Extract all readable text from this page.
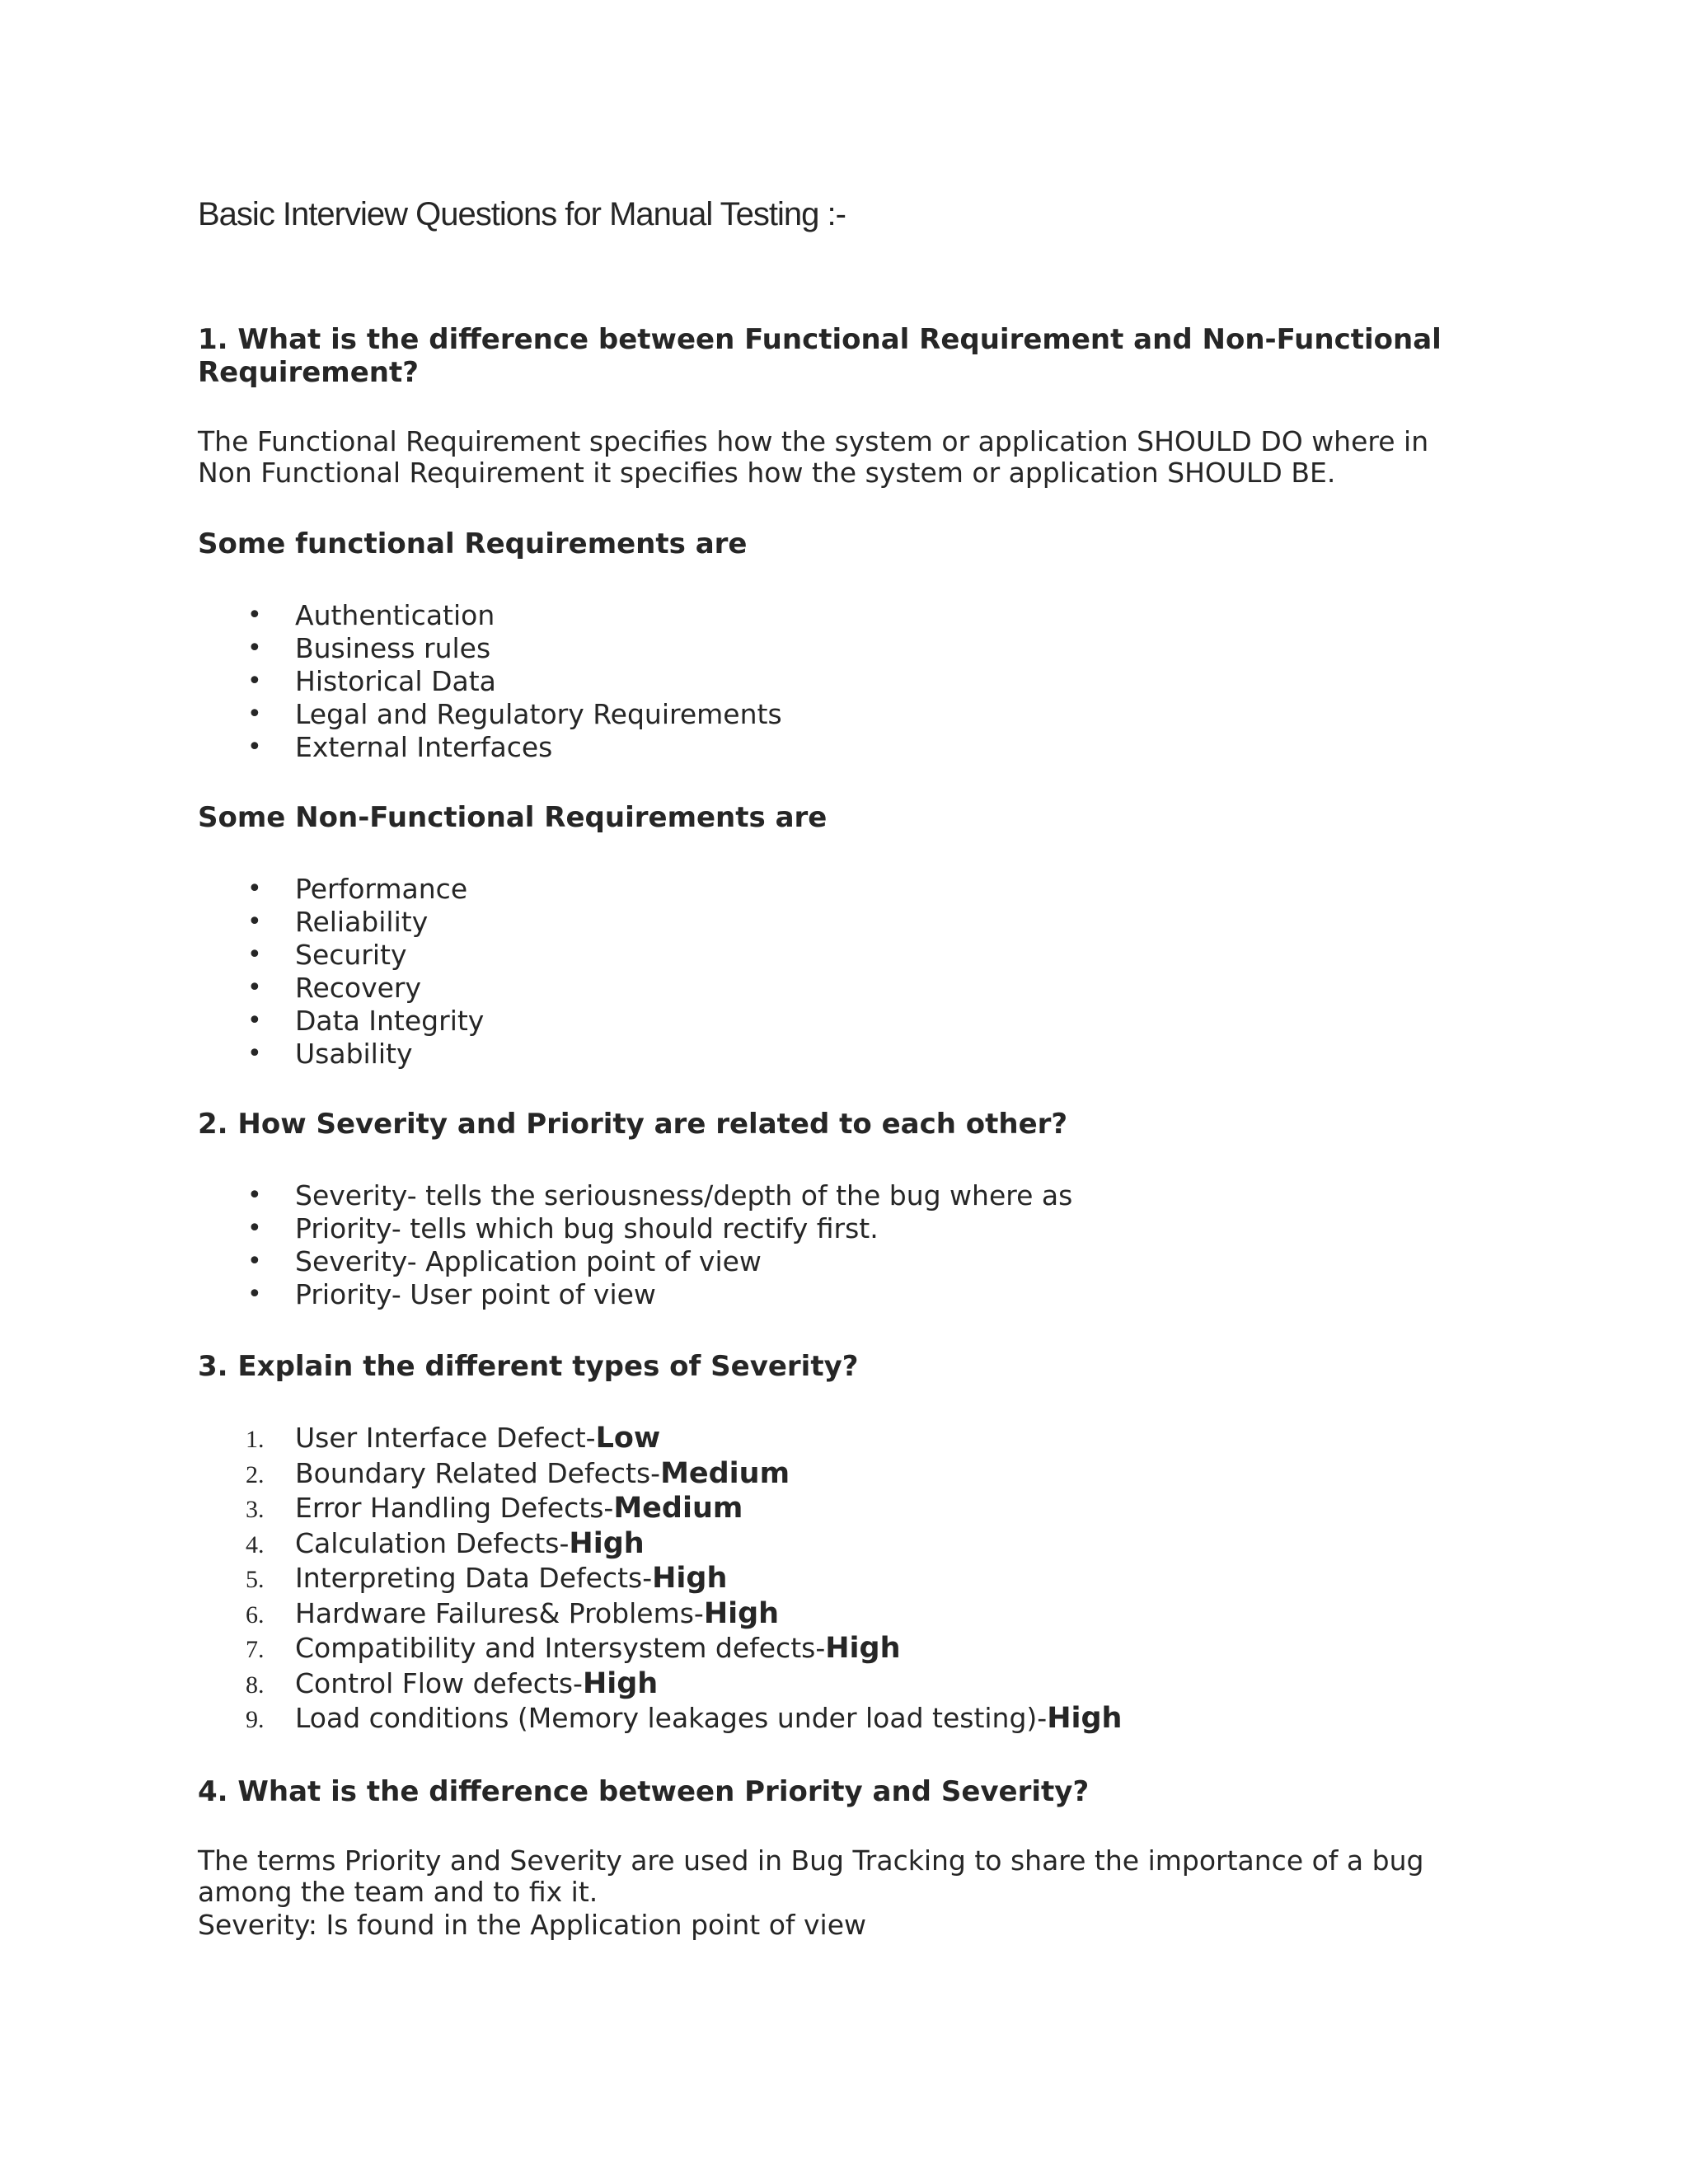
Basic Interview Questions for Manual Testing :-
1. What is the difference between Functional Requirement and Non-Functional
Requirement?
The Functional Requirement specifies how the system or application SHOULD DO where in
Non Functional Requirement it specifies how the system or application SHOULD BE.
Some functional Requirements are
• Authentication
• Business rules
• Historical Data
• Legal and Regulatory Requirements
• External Interfaces
Some Non-Functional Requirements are
• Performance
• Reliability
• Security
• Recovery
• Data Integrity
• Usability
2. How Severity and Priority are related to each other?
• Severity- tells the seriousness/depth of the bug where as
• Priority- tells which bug should rectify first.
• Severity- Application point of view
• Priority- User point of view
3. Explain the different types of Severity?
1. User Interface Defect-Low
2. Boundary Related Defects-Medium
3. Error Handling Defects-Medium
4. Calculation Defects-High
5. Interpreting Data Defects-High
6. Hardware Failures& Problems-High
7. Compatibility and Intersystem defects-High
8. Control Flow defects-High
9. Load conditions (Memory leakages under load testing)-High
4. What is the difference between Priority and Severity?
The terms Priority and Severity are used in Bug Tracking to share the importance of a bug
among the team and to fix it.
Severity: Is found in the Application point of view
